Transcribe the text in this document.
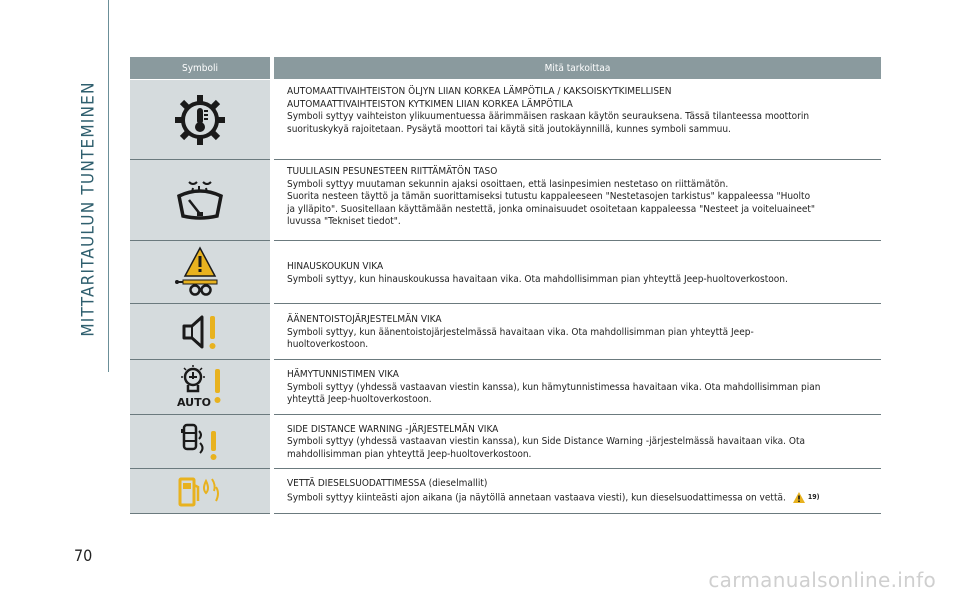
MITTARITAULUN TUNTEMINEN
Symboli	Mitä tarkoittaa

AUTOMAATTIVAIHTEISTON ÖLJYN LIIAN KORKEA LÄMPÖTILA / KAKSOISKYTKIMELLISEN
AUTOMAATTIVAIHTEISTON KYTKIMEN LIIAN KORKEA LÄMPÖTILA
Symboli syttyy vaihteiston ylikuumentuessa äärimmäisen raskaan käytön seurauksena. Tässä tilanteessa moottorin
suorituskykyä rajoitetaan. Pysäytä moottori tai käytä sitä joutokäynnillä, kunnes symboli sammuu.

TUULILASIN PESUNESTEEN RIITTÄMÄTÖN TASO
Symboli syttyy muutaman sekunnin ajaksi osoittaen, että lasinpesimien nestetaso on riittämätön.
Suorita nesteen täyttö ja tämän suorittamiseksi tutustu kappaleeseen "Nestetasojen tarkistus" kappaleessa "Huolto
ja ylläpito". Suositellaan käyttämään nestettä, jonka ominaisuudet osoitetaan kappaleessa "Nesteet ja voiteluaineet"
luvussa "Tekniset tiedot".

HINAUSKOUKUN VIKA
Symboli syttyy, kun hinauskoukussa havaitaan vika. Ota mahdollisimman pian yhteyttä Jeep-huoltoverkostoon.

ÄÄNENTOISTOJÄRJESTELMÄN VIKA
Symboli syttyy, kun äänentoistojärjestelmässä havaitaan vika. Ota mahdollisimman pian yhteyttä Jeep-
huoltoverkostoon.

AUTO	HÄMYTUNNISTIMEN VIKA
Symboli syttyy (yhdessä vastaavan viestin kanssa), kun hämytunnistimessa havaitaan vika. Ota mahdollisimman pian
yhteyttä Jeep-huoltoverkostoon.

SIDE DISTANCE WARNING -JÄRJESTELMÄN VIKA
Symboli syttyy (yhdessä vastaavan viestin kanssa), kun Side Distance Warning -järjestelmässä havaitaan vika. Ota
mahdollisimman pian yhteyttä Jeep-huoltoverkostoon.

VETTÄ DIESELSUODATTIMESSA (dieselmallit)
Symboli syttyy kiinteästi ajon aikana (ja näytöllä annetaan vastaava viesti), kun dieselsuodattimessa on vettä. 19)
70
carmanualsonline.info
